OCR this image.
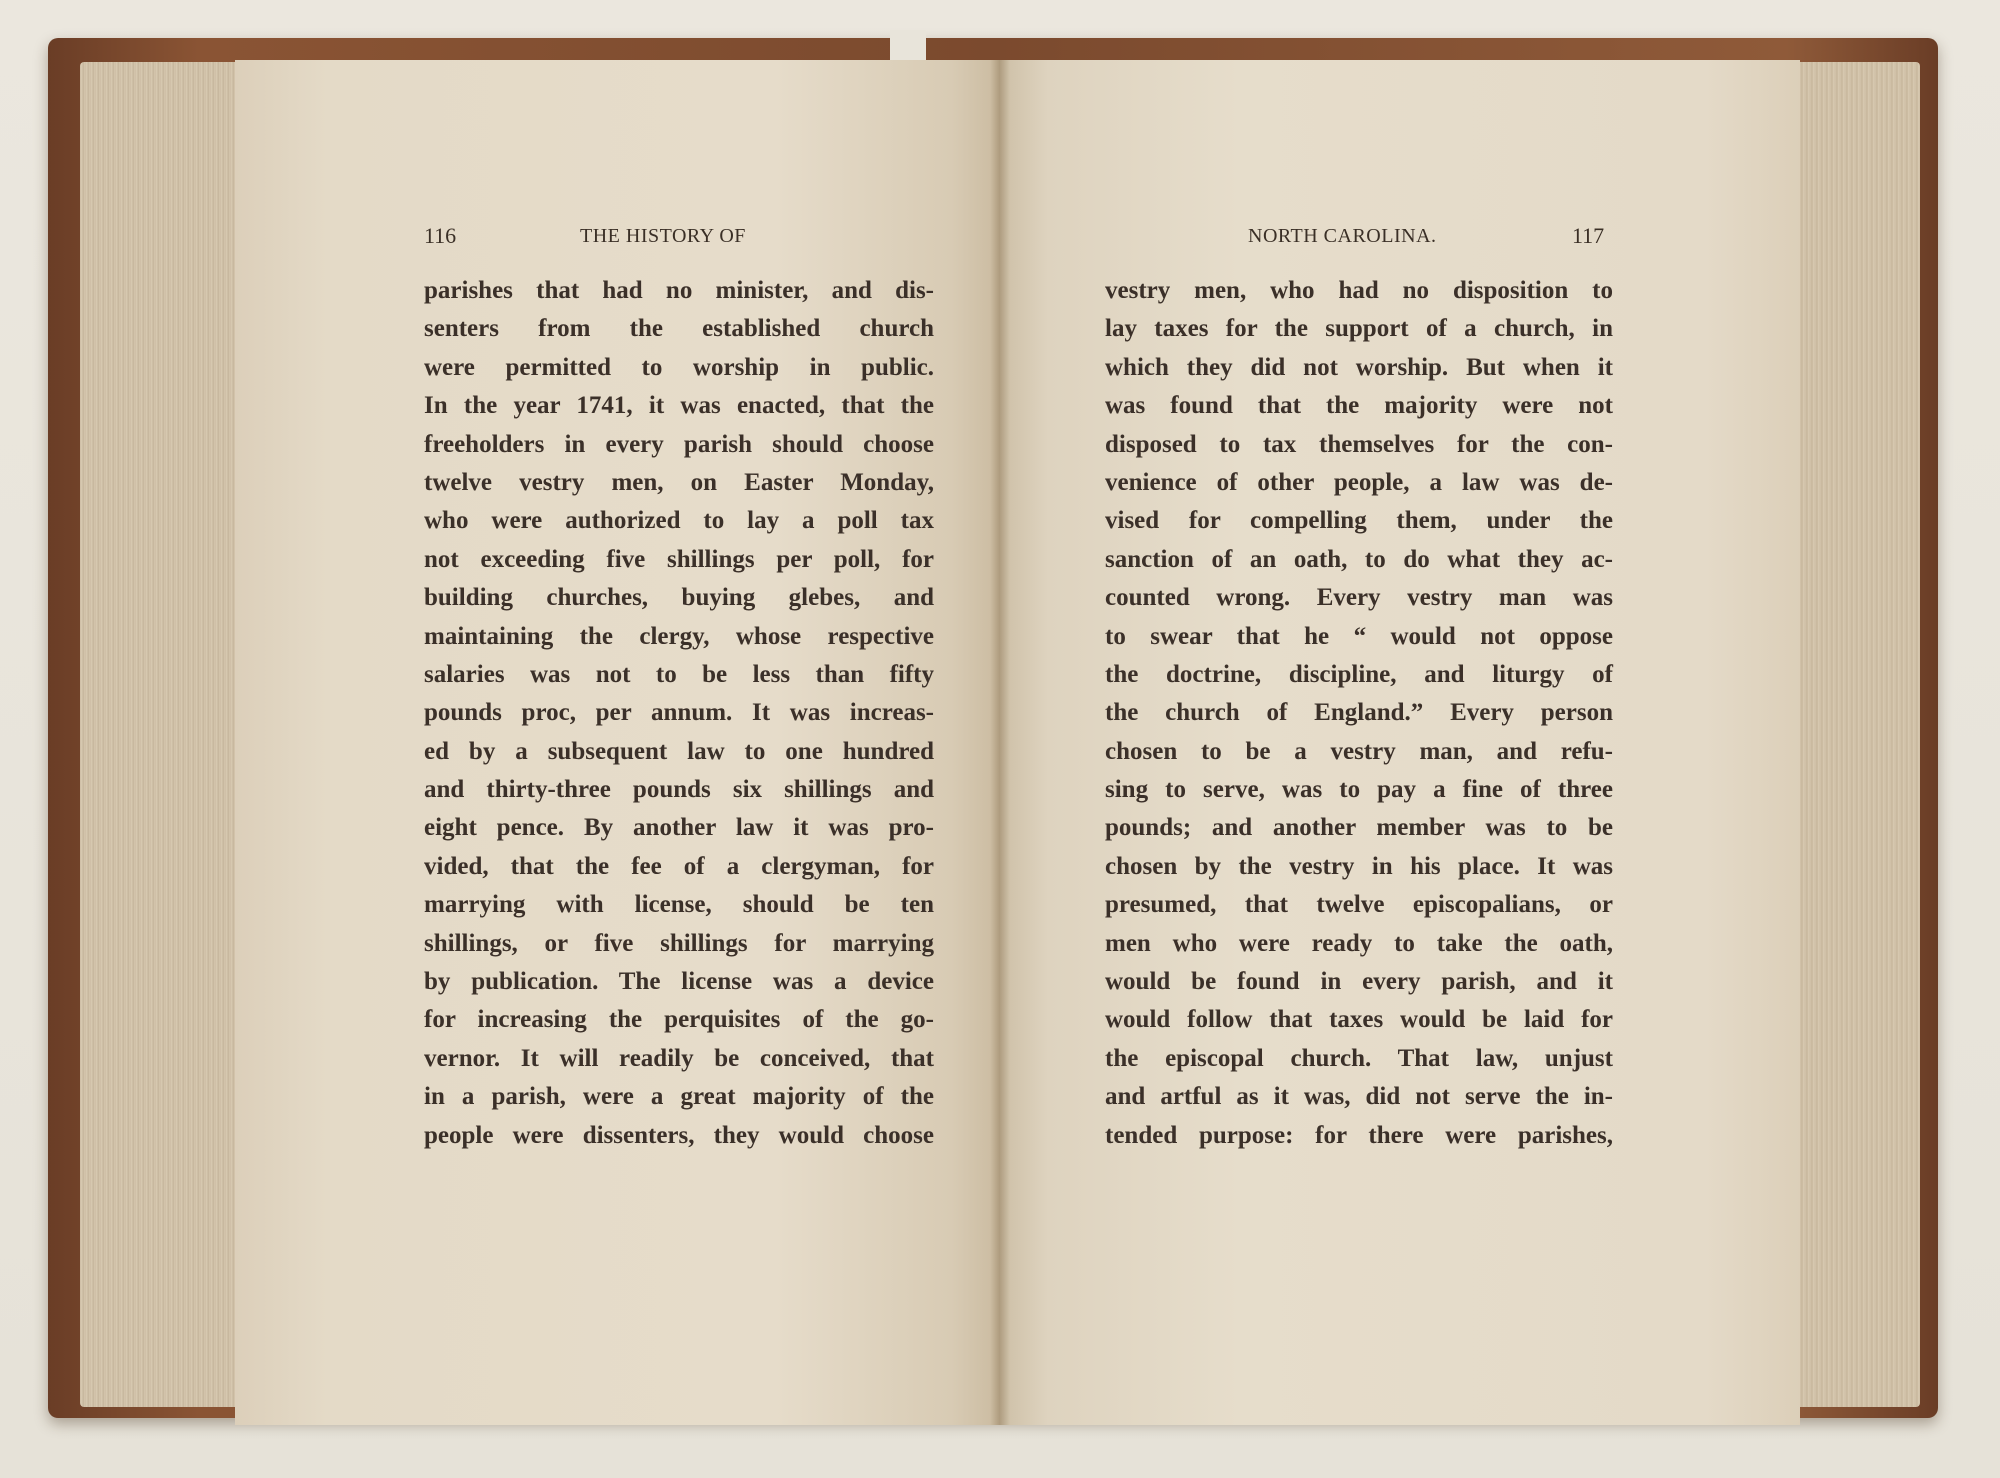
116	THE HISTORY OF	NORTH CAROLINA.	117
parishes that had no minister, and dis-
senters from the established church
were permitted to worship in public.
In the year 1741, it was enacted, that the
freeholders in every parish should choose
twelve vestry men, on Easter Monday,
who were authorized to lay a poll tax
not exceeding five shillings per poll, for
building churches, buying glebes, and
maintaining the clergy, whose respective
salaries was not to be less than fifty
pounds proc, per annum. It was increas-
ed by a subsequent law to one hundred
and thirty-three pounds six shillings and
eight pence. By another law it was pro-
vided, that the fee of a clergyman, for
marrying with license, should be ten
shillings, or five shillings for marrying
by publication. The license was a device
for increasing the perquisites of the go-
vernor. It will readily be conceived, that
in a parish, were a great majority of the
people were dissenters, they would choose
vestry men, who had no disposition to
lay taxes for the support of a church, in
which they did not worship. But when it
was found that the majority were not
disposed to tax themselves for the con-
venience of other people, a law was de-
vised for compelling them, under the
sanction of an oath, to do what they ac-
counted wrong. Every vestry man was
to swear that he “ would not oppose
the doctrine, discipline, and liturgy of
the church of England.” Every person
chosen to be a vestry man, and refu-
sing to serve, was to pay a fine of three
pounds; and another member was to be
chosen by the vestry in his place. It was
presumed, that twelve episcopalians, or
men who were ready to take the oath,
would be found in every parish, and it
would follow that taxes would be laid for
the episcopal church. That law, unjust
and artful as it was, did not serve the in-
tended purpose: for there were parishes,
